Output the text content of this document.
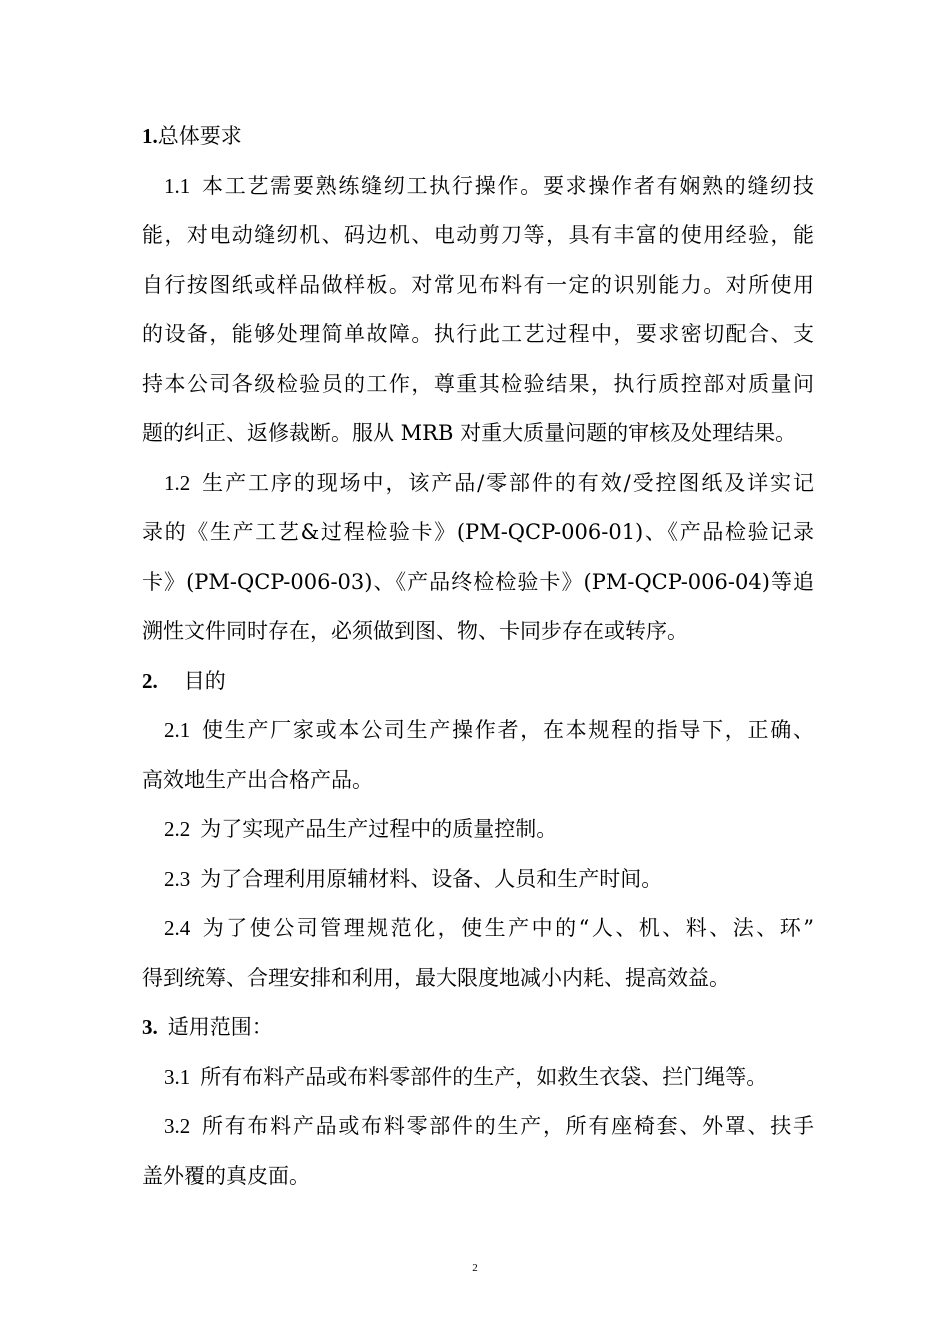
1.总体要求
1.1 本工艺需要熟练缝纫工执行操作。要求操作者有娴熟的缝纫技
能，对电动缝纫机、码边机、电动剪刀等，具有丰富的使用经验，能
自行按图纸或样品做样板。对常见布料有一定的识别能力。对所使用
的设备，能够处理简单故障。执行此工艺过程中，要求密切配合、支
持本公司各级检验员的工作，尊重其检验结果，执行质控部对质量问
题的纠正、返修裁断。服从 MRB 对重大质量问题的审核及处理结果。
1.2 生产工序的现场中，该产品/零部件的有效/受控图纸及详实记
录的《生产工艺&过程检验卡》(PM-QCP-006-01)、《产品检验记录
卡》(PM-QCP-006-03)、《产品终检检验卡》(PM-QCP-006-04)等追
溯性文件同时存在，必须做到图、物、卡同步存在或转序。
2. 目的
2.1 使生产厂家或本公司生产操作者，在本规程的指导下，正确、
高效地生产出合格产品。
2.2 为了实现产品生产过程中的质量控制。
2.3 为了合理利用原辅材料、设备、人员和生产时间。
2.4 为了使公司管理规范化，使生产中的“人、机、料、法、环”
得到统筹、合理安排和利用，最大限度地减小内耗、提高效益。
3. 适用范围：
3.1 所有布料产品或布料零部件的生产，如救生衣袋、拦门绳等。
3.2 所有布料产品或布料零部件的生产，所有座椅套、外罩、扶手
盖外覆的真皮面。
2
